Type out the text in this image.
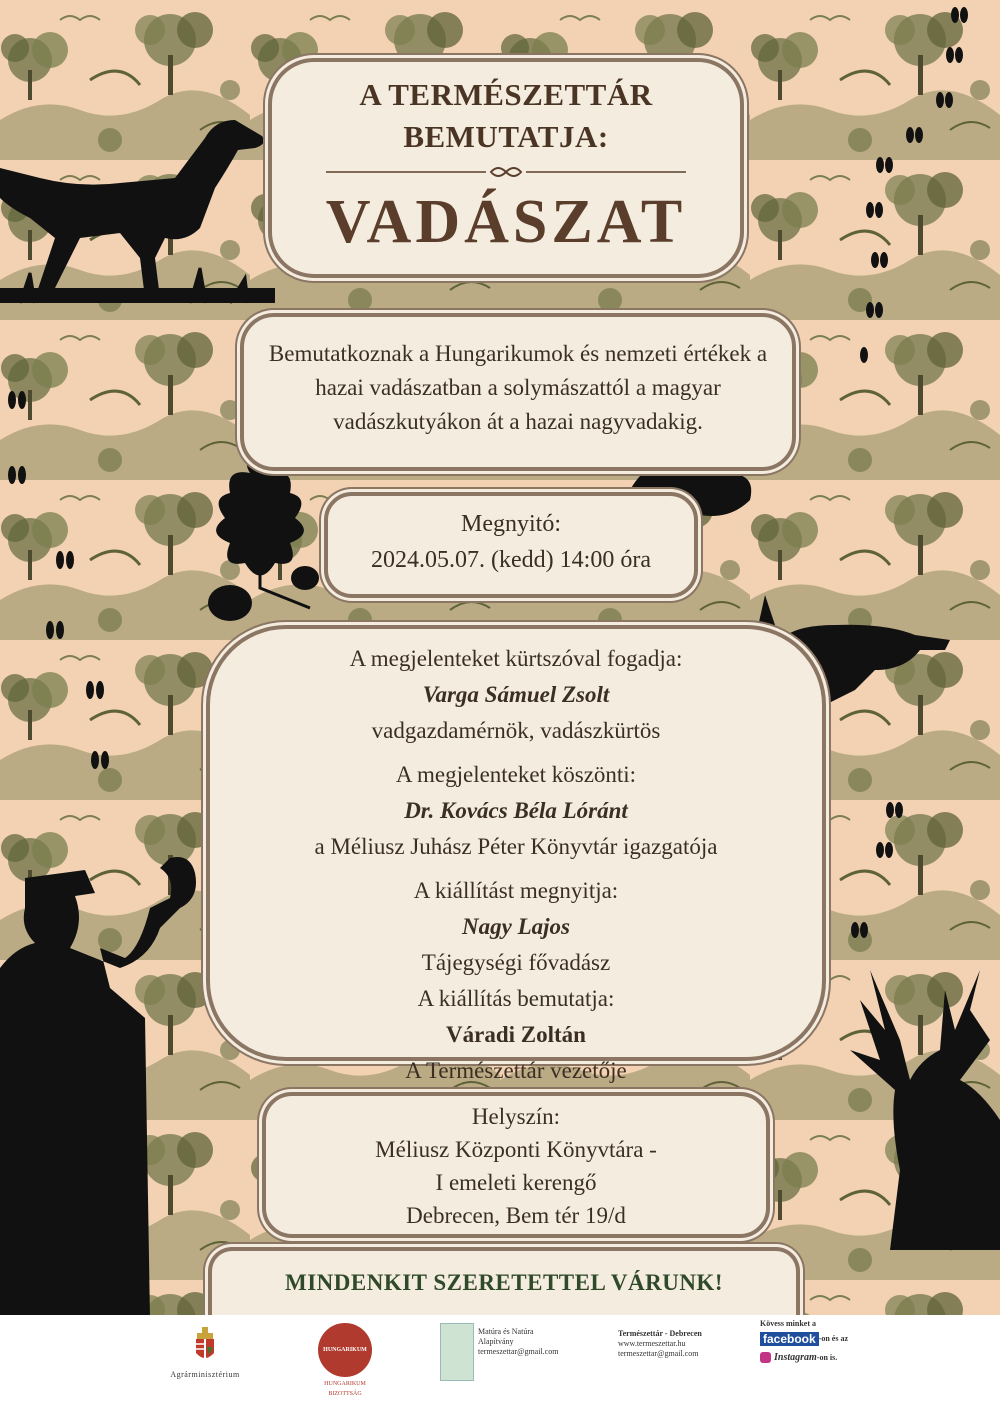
A TERMÉSZETTÁR
BEMUTATJA:
VADÁSZAT

Bemutatkoznak a Hungarikumok és nemzeti értékek a hazai vadászatban a solymászattól a magyar vadászkutyákon át a hazai nagyvadakig.

Megnyitó:
2024.05.07. (kedd) 14:00 óra
A megjelenteket kürtszóval fogadja:
Varga Sámuel Zsolt
vadgazdamérnök, vadászkürtös
A megjelenteket köszönti:
Dr. Kovács Béla Lóránt
a Méliusz Juhász Péter Könyvtár igazgatója
A kiállítást megnyitja:
Nagy Lajos
Tájegységi fővadász
A kiállítás bemutatja:
Váradi Zoltán
A Természettár vezetője
Helyszín:
Méliusz Központi Könyvtára -
I emeleti kerengő
Debrecen, Bem tér 19/d
MINDENKIT SZERETETTEL VÁRUNK!
Agrárminisztérium
HUNGARIKUM
HUNGARIKUM BIZOTTSÁG
Matúra és Natúra
Alapítvány
termeszettar@gmail.com
Természettár - Debrecen
www.termeszettar.hu
termeszettar@gmail.com
Kövess minket a
facebook -on és az
Instagram -on is.
